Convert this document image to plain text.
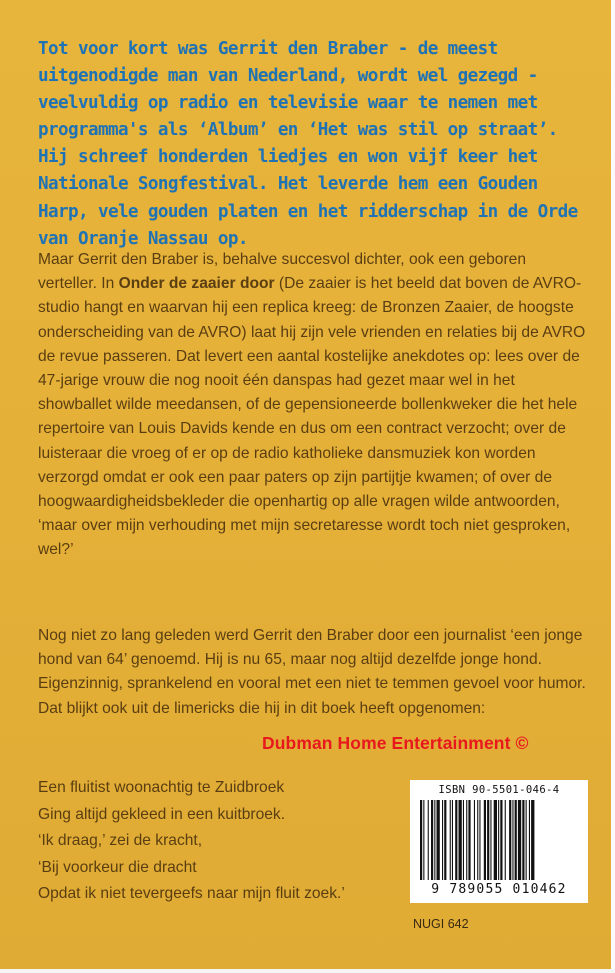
Tot voor kort was Gerrit den Braber - de meest uitgenodigde man van Nederland, wordt wel gezegd - veelvuldig op radio en televisie waar te nemen met programma's als ‘Album’ en ‘Het was stil op straat’. Hij schreef honderden liedjes en won vijf keer het Nationale Songfestival. Het leverde hem een Gouden Harp, vele gouden platen en het ridderschap in de Orde van Oranje Nassau op.

Maar Gerrit den Braber is, behalve succesvol dichter, ook een geboren verteller. In Onder de zaaier door (De zaaier is het beeld dat boven de AVRO-studio hangt en waarvan hij een replica kreeg: de Bronzen Zaaier, de hoogste onderscheiding van de AVRO) laat hij zijn vele vrienden en relaties bij de AVRO de revue passeren. Dat levert een aantal kostelijke anekdotes op: lees over de 47-jarige vrouw die nog nooit één danspas had gezet maar wel in het showballet wilde meedansen, of de gepensioneerde bollenkweker die het hele repertoire van Louis Davids kende en dus om een contract verzocht; over de luisteraar die vroeg of er op de radio katholieke dansmuziek kon worden verzorgd omdat er ook een paar paters op zijn partijtje kwamen; of over de hoogwaardigheidsbekleder die openhartig op alle vragen wilde antwoorden, ‘maar over mijn verhouding met mijn secretaresse wordt toch niet gesproken, wel?’

Nog niet zo lang geleden werd Gerrit den Braber door een journalist ‘een jonge hond van 64’ genoemd. Hij is nu 65, maar nog altijd dezelfde jonge hond. Eigenzinnig, sprankelend en vooral met een niet te temmen gevoel voor humor. Dat blijkt ook uit de limericks die hij in dit boek heeft opgenomen:

Dubman Home Entertainment ©
Een fluitist woonachtig te Zuidbroek
Ging altijd gekleed in een kuitbroek.
‘Ik draag,’ zei de kracht,
‘Bij voorkeur die dracht
Opdat ik niet tevergeefs naar mijn fluit zoek.’
ISBN 90-5501-046-4
9 789055 010462
NUGI 642
